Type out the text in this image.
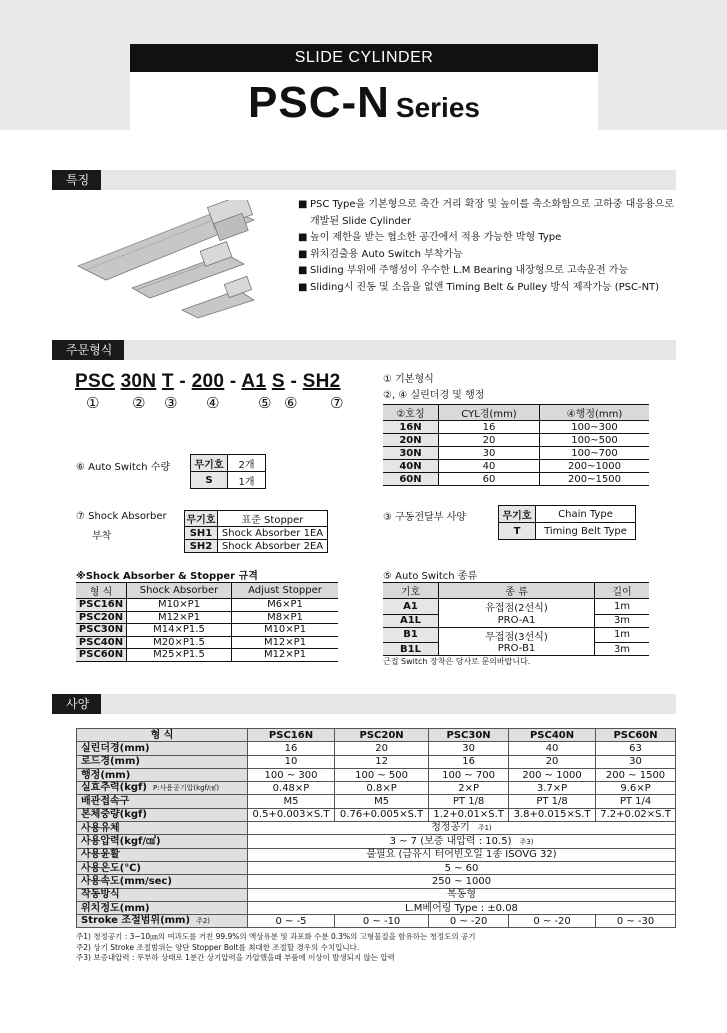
SLIDE CYLINDER
PSC-N Series
특징
■ PSC Type을 기본형으로 축간 거리 확장 및 높이를 축소화함으로 고하중 대응용으로
개발된 Slide Cylinder
■ 높이 제한을 받는 협소한 공간에서 적용 가능한 박형 Type
■ 위치검출용 Auto Switch 부착가능
■ Sliding 부위에 주행성이 우수한 L.M Bearing 내장형으로 고속운전 가능
■ Sliding시 진동 및 소음을 없앤 Timing Belt & Pulley 방식 제작가능 (PSC-NT)
주문형식
PSC 30N T - 200 - A1 S - SH2
① ② ③ ④	⑤ ⑥ ⑦
① 기본형식
②, ④ 실린더경 및 행정
②호칭	CYL경(mm)	④행정(mm)
16N	16	100~300
20N	20	100~500
30N	30	100~700
40N	40	200~1000
60N	60	200~1500
⑥ Auto Switch 수량 무기호	2개
S	1개
⑦ Shock Absorber
부착
무기호	표준 Stopper
SH1	Shock Absorber 1EA
SH2	Shock Absorber 2EA
③ 구동전달부 사양	무기호	Chain Type
T	Timing Belt Type
※Shock Absorber & Stopper 규격
형 식	Shock Absorber	Adjust Stopper
PSC16N	M10×P1	M6×P1
PSC20N	M12×P1	M8×P1
PSC30N	M14×P1.5	M10×P1
PSC40N	M20×P1.5	M12×P1
PSC60N	M25×P1.5	M12×P1
⑤ Auto Switch 종류
기호	종 류	길이
A1	유접점(2선식)	1m
A1L	PRO-A1	3m
B1	무접점(3선식)	1m
B1L	PRO-B1	3m
근접 Switch 장착은 당사로 문의바랍니다.
사양
형 식	PSC16N	PSC20N	PSC30N	PSC40N	PSC60N
실린더경(mm)	16	20	30	40	63
로드경(mm)	10	12	16	20	30
행정(mm)	100 ~ 300	100 ~ 500	100 ~ 700	200 ~ 1000	200 ~ 1500
실효추력(kgf) P:사용공기압(kgf/㎠)	0.48×P	0.8×P	2×P	3.7×P	9.6×P
배관접속구	M5	M5	PT 1/8	PT 1/8	PT 1/4
본체중량(kgf)	0.5+0.003×S.T	0.76+0.005×S.T	1.2+0.01×S.T	3.8+0.015×S.T	7.2+0.02×S.T
사용유체	청정공기 주1)				
사용압력(kgf/㎠)	3 ~ 7 (보증 내압력 : 10.5) 주3)				
사용윤활	불필요 (급유시 터어빈오일 1종 ISOVG 32)				
사용온도(℃)	5 ~ 60				
사용속도(mm/sec)	250 ~ 1000				
작동방식	복동형				
위치정도(mm)	L.M베어링 Type : ±0.08				
Stroke 조절범위(mm) 주2)	0 ~ -5	0 ~ -10	0 ~ -20	0 ~ -20	0 ~ -30
주1) 청정공기 : 3~10㎛의 여과도를 거친 99.9%의 액상유분 및 과포화 수분 0.3%의 고형물질을 함유하는 청정도의 공기
주2) 상기 Stroke 조절범위는 양단 Stopper Bolt를 최대한 조절할 경우의 수치입니다.
주3) 보증내압력 : 무부하 상태로 1분간 상기압력을 가압했을때 부품에 이상이 발생되지 않는 압력
